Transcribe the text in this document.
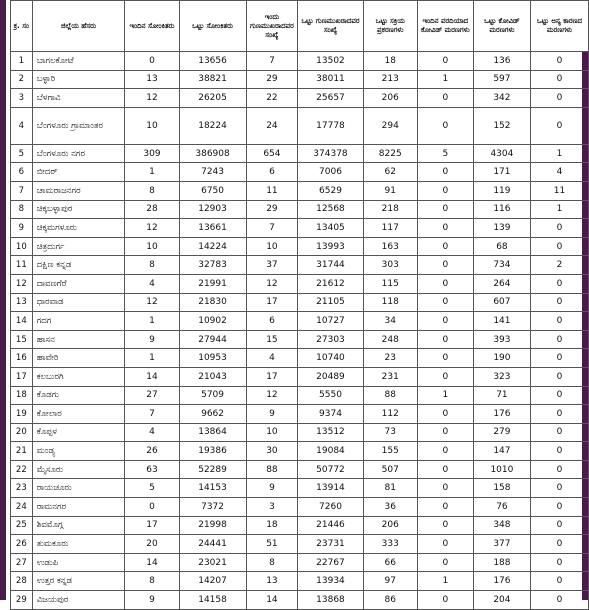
ಕ್ರ. ಸಂ	ಜಿಲ್ಲೆಯ ಹೆಸರು	ಇಂದಿನ ಸೋಂಕಿತರು	ಒಟ್ಟು ಸೋಂಕಿತರು	ಇಂದು ಗುಣಮುಖರಾದವರ ಸಂಖ್ಯೆ	ಒಟ್ಟು ಗುಣಮುಖರಾದವರ ಸಂಖ್ಯೆ	ಒಟ್ಟು ಸಕ್ರಿಯ ಪ್ರಕರಣಗಳು	ಇಂದಿನ ವರದಿಯಾದ ಕೋವಿಡ್ ಮರಣಗಳು	ಒಟ್ಟು ಕೋವಿಡ್ ಮರಣಗಳು	ಒಟ್ಟು ಅನ್ಯ ಕಾರಣದ ಮರಣಗಳು
1	ಬಾಗಲಕೋಟೆ	0	13656	7	13502	18	0	136	0
2	ಬಳ್ಳಾರಿ	13	38821	29	38011	213	1	597	0
3	ಬೆಳಗಾವಿ	12	26205	22	25657	206	0	342	0
4	ಬೆಂಗಳೂರು ಗ್ರಾಮಾಂತರ	10	18224	24	17778	294	0	152	0
5	ಬೆಂಗಳೂರು ನಗರ	309	386908	654	374378	8225	5	4304	1
6	ಬೀದರ್	1	7243	6	7006	62	0	171	4
7	ಚಾಮರಾಜನಗರ	8	6750	11	6529	91	0	119	11
8	ಚಿಕ್ಕಬಳ್ಳಾಪುರ	28	12903	29	12568	218	0	116	1
9	ಚಿಕ್ಕಮಗಳೂರು	12	13661	7	13405	117	0	139	0
10	ಚಿತ್ರದುರ್ಗ	10	14224	10	13993	163	0	68	0
11	ದಕ್ಷಿಣ ಕನ್ನಡ	8	32783	37	31744	303	0	734	2
12	ದಾವಣಗೆರೆ	4	21991	12	21612	115	0	264	0
13	ಧಾರವಾಡ	12	21830	17	21105	118	0	607	0
14	ಗದಗ	1	10902	6	10727	34	0	141	0
15	ಹಾಸನ	9	27944	15	27303	248	0	393	0
16	ಹಾವೇರಿ	1	10953	4	10740	23	0	190	0
17	ಕಲಬುರಗಿ	14	21043	17	20489	231	0	323	0
18	ಕೊಡಗು	27	5709	12	5550	88	1	71	0
19	ಕೋಲಾರ	7	9662	9	9374	112	0	176	0
20	ಕೊಪ್ಪಳ	4	13864	10	13512	73	0	279	0
21	ಮಂಡ್ಯ	26	19386	30	19084	155	0	147	0
22	ಮೈಸೂರು	63	52289	88	50772	507	0	1010	0
23	ರಾಯಚೂರು	5	14153	9	13914	81	0	158	0
24	ರಾಮನಗರ	0	7372	3	7260	36	0	76	0
25	ಶಿವಮೊಗ್ಗ	17	21998	18	21446	206	0	348	0
26	ತುಮಕೂರು	20	24441	51	23731	333	0	377	0
27	ಉಡುಪಿ	14	23021	8	22767	66	0	188	0
28	ಉತ್ತರ ಕನ್ನಡ	8	14207	13	13934	97	1	176	0
29	ವಿಜಯಪುರ	9	14158	14	13868	86	0	204	0
